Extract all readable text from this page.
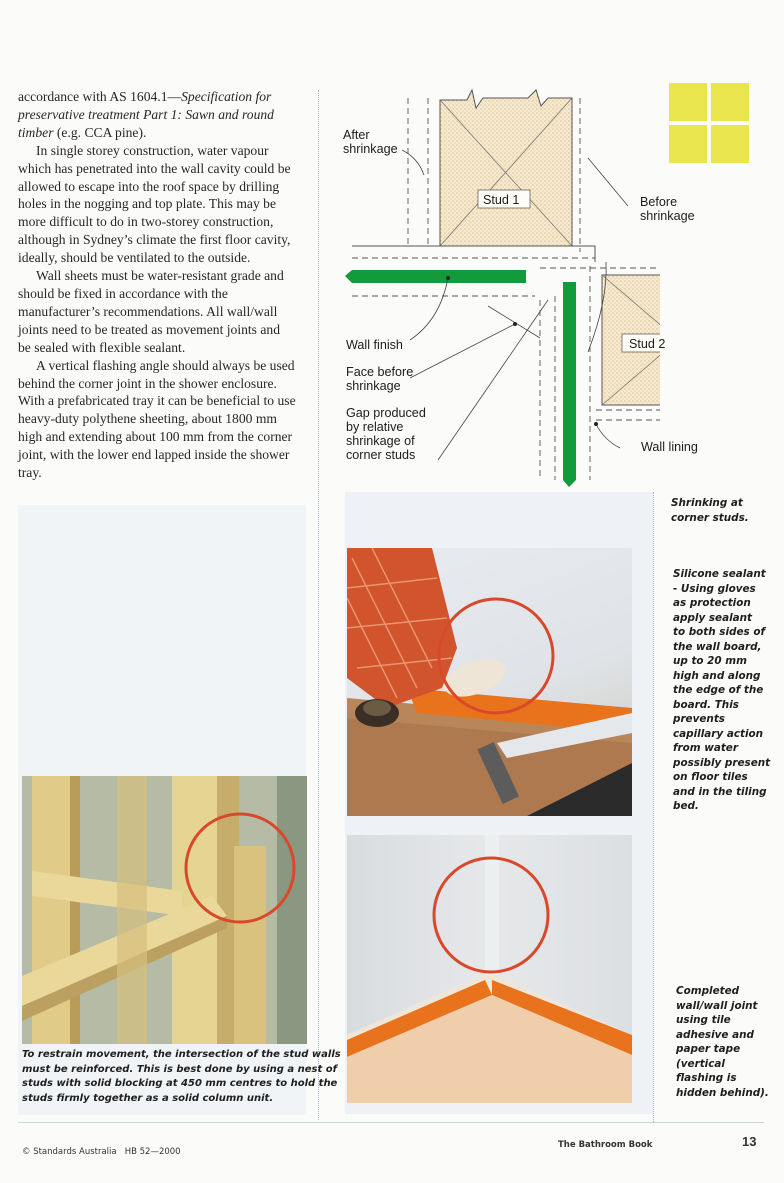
accordance with AS 1604.1—Specification for preservative treatment Part 1: Sawn and round timber (e.g. CCA pine).

In single storey construction, water vapour which has penetrated into the wall cavity could be allowed to escape into the roof space by drilling holes in the nogging and top plate. This may be more difficult to do in two-storey construction, although in Sydney’s climate the first floor cavity, ideally, should be ventilated to the outside.

Wall sheets must be water-resistant grade and should be fixed in accordance with the manufacturer’s recommendations. All wall/wall joints need to be treated as movement joints and be sealed with flexible sealant.

A vertical flashing angle should always be used behind the corner joint in the shower enclosure. With a prefabricated tray it can be beneficial to use heavy-duty polythene sheeting, about 1800 mm high and extending about 100 mm from the corner joint, with the lower end lapped inside the shower tray.

After
shrinkage
Before
shrinkage
Stud 1
Stud 2
Wall finish
Face before
shrinkage
Gap produced
by relative
shrinkage of
corner studs
Wall lining
Shrinking at
corner studs.
Silicone sealant
- Using gloves
as protection
apply sealant
to both sides of
the wall board,
up to 20 mm
high and along
the edge of the
board. This
prevents
capillary action
from water
possibly present
on floor tiles
and in the tiling
bed.
Completed
wall/wall joint
using tile
adhesive and
paper tape
(vertical
flashing is
hidden behind).
To restrain movement, the intersection of the stud walls
must be reinforced. This is best done by using a nest of
studs with solid blocking at 450 mm centres to hold the
studs firmly together as a solid column unit.
© Standards Australia   HB 52—2000
The Bathroom Book	13
